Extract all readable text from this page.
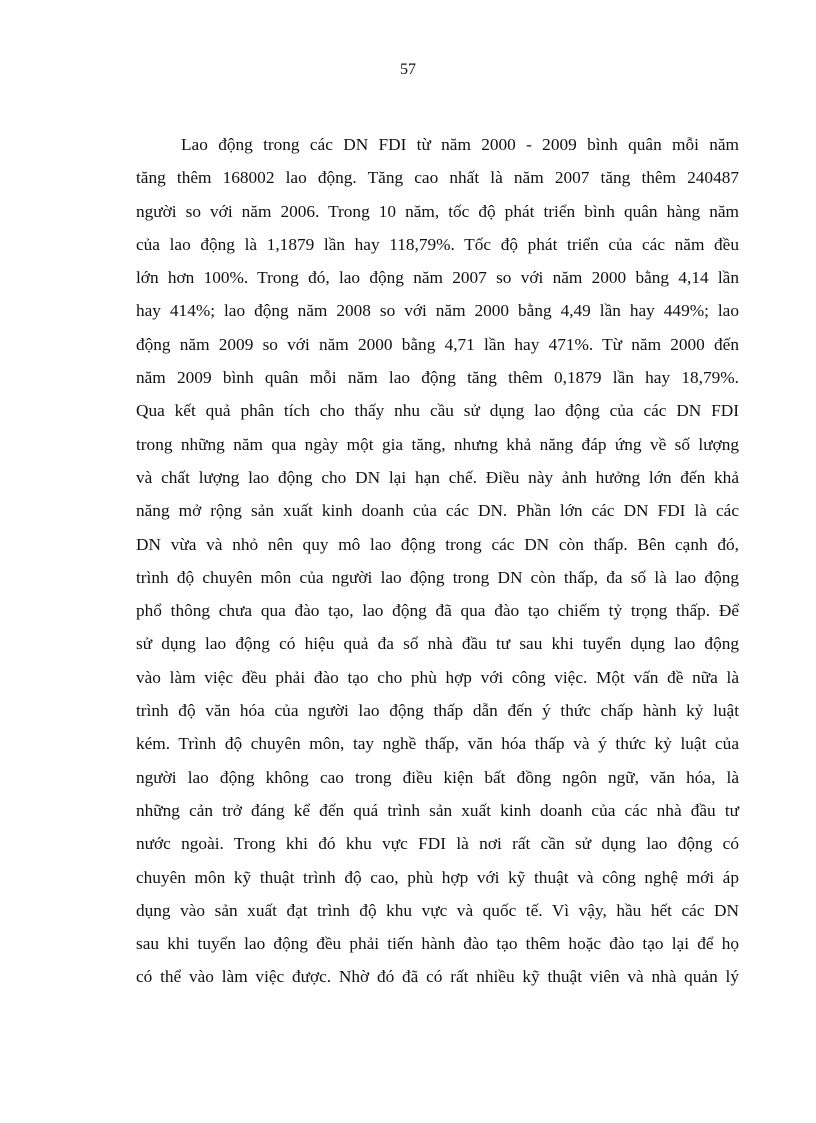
57
Lao động trong các DN FDI từ năm 2000 - 2009 bình quân mỗi năm
tăng thêm 168002 lao động. Tăng cao nhất là năm 2007 tăng thêm 240487
người so với năm 2006. Trong 10 năm, tốc độ phát triển bình quân hàng năm
của lao động là 1,1879 lần hay 118,79%. Tốc độ phát triển của các năm đều
lớn hơn 100%. Trong đó, lao động năm 2007 so với năm 2000 bằng 4,14 lần
hay 414%; lao động năm 2008 so với năm 2000 bằng 4,49 lần hay 449%; lao
động năm 2009 so với năm 2000 bằng 4,71 lần hay 471%. Từ năm 2000 đến
năm 2009 bình quân mỗi năm lao động tăng thêm 0,1879 lần hay 18,79%.
Qua kết quả phân tích cho thấy nhu cầu sử dụng lao động của các DN FDI
trong những năm qua ngày một gia tăng, nhưng khả năng đáp ứng về số lượng
và chất lượng lao động cho DN lại hạn chế. Điều này ảnh hưởng lớn đến khả
năng mở rộng sản xuất kinh doanh của các DN. Phần lớn các DN FDI là các
DN vừa và nhỏ nên quy mô lao động trong các DN còn thấp. Bên cạnh đó,
trình độ chuyên môn của người lao động trong DN còn thấp, đa số là lao động
phổ thông chưa qua đào tạo, lao động đã qua đào tạo chiếm tỷ trọng thấp. Để
sử dụng lao động có hiệu quả đa số nhà đầu tư sau khi tuyển dụng lao động
vào làm việc đều phải đào tạo cho phù hợp với công việc. Một vấn đề nữa là
trình độ văn hóa của người lao động thấp dẫn đến ý thức chấp hành kỷ luật
kém. Trình độ chuyên môn, tay nghề thấp, văn hóa thấp và ý thức kỷ luật của
người lao động không cao trong điều kiện bất đồng ngôn ngữ, văn hóa, là
những cản trở đáng kể đến quá trình sản xuất kinh doanh của các nhà đầu tư
nước ngoài. Trong khi đó khu vực FDI là nơi rất cần sử dụng lao động có
chuyên môn kỹ thuật trình độ cao, phù hợp với kỹ thuật và công nghệ mới áp
dụng vào sản xuất đạt trình độ khu vực và quốc tế. Vì vậy, hầu hết các DN
sau khi tuyển lao động đều phải tiến hành đào tạo thêm hoặc đào tạo lại để họ
có thể vào làm việc được. Nhờ đó đã có rất nhiều kỹ thuật viên và nhà quản lý
